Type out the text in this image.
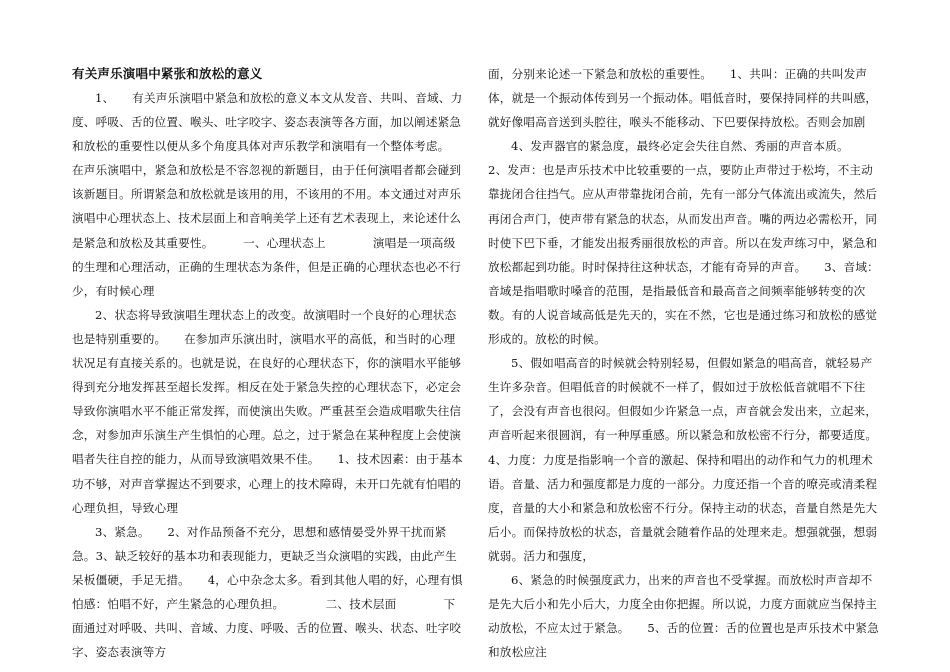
有关声乐演唱中紧张和放松的意义

1、　　有关声乐演唱中紧急和放松的意义本文从发音、共叫、音域、力度、呼吸、舌的位置、喉头、吐字咬字、姿态表演等各方面，加以阐述紧急和放松的重要性以便从多个角度具体对声乐教学和演唱有一个整体考虑。　　在声乐演唱中，紧急和放松是不容忽视的新题目，由于任何演唱者都会碰到该新题目。所谓紧急和放松就是该用的用，不该用的不用。本文通过对声乐演唱中心理状态上、技术层面上和音响美学上还有艺术表现上，来论述什么是紧急和放松及其重要性。　　　一、心理状态上　　　　演唱是一项高级的生理和心理活动，正确的生理状态为条件，但是正确的心理状态也必不行少，有时候心理

2、状态将导致演唱生理状态上的改变。故演唱时一个良好的心理状态也是特别重要的。　　在参加声乐演出时，演唱水平的高低，和当时的心理状况足有直接关系的。也就是说，在良好的心理状态下，你的演唱水平能够得到充分地发挥甚至超长发挥。相反在处于紧急失控的心理状态下，必定会导致你演唱水平不能正常发挥，而使演出失败。严重甚至会造成唱歌失往信念，对参加声乐演生产生惧怕的心理。总之，过于紧急在某种程度上会使演唱者失往自控的能力，从而导致演唱效果不佳。　　1、技术因素：由于基本功不够，对声音掌握达不到要求，心理上的技术障碍，未开口先就有怕唱的心理负担，导致心理

3、紧急。　　2、对作品预备不充分，思想和感情晏受外界干扰而紧急。3、缺乏较好的基本功和表现能力，更缺乏当众演唱的实践，由此产生呆板僵硬，手足无措。　　4，心中杂念太多。看到其他人唱的好，心理有惧怕感：怕唱不好，产生紧急的心理负担。　　　　二、技术层面　　　　下面通过对呼吸、共叫、音域、力度、呼吸、舌的位置、喉头、状态、吐字咬字、姿态表演等方

面，分别来论述一下紧急和放松的重要性。　　1、共叫：正确的共叫发声体，就是一个振动体传到另一个振动体。唱低音时，要保持同样的共叫感，就好像唱高音送到头腔往，喉头不能移动、下巴要保持放松。否则会加剧

4、发声器官的紧急度，最终必定会失往自然、秀丽的声音本质。　　2、发声：也是声乐技术中比较重要的一点，要防止声带过于松垮，不主动靠拢闭合往挡气。应从声带靠拢闭合前，先有一部分气体流出或流失，然后再闭合声门，使声带有紧急的状态，从而发出声音。嘴的两边必需松开，同时使下巴下垂，才能发出报秀丽很放松的声音。所以在发声练习中，紧急和放松都起到功能。时时保持往这种状态，才能有奇异的声音。　　3、音域：音域是指唱歌时嗓音的范围，是指最低音和最高音之间频率能够转变的次数。有的人说音域高低是先天的，实在不然，它也是通过练习和放松的感觉形成的。放松的时候。

5、假如唱高音的时候就会特别轻易，但假如紧急的唱高音，就轻易产生许多杂音。但唱低音的时候就不一样了，假如过于放松低音就唱不下往了，会没有声音也很闷。但假如少许紧急一点，声音就会发出来，立起来，声音听起来很圆润，有一种厚重感。所以紧急和放松密不行分，都要适度。　　4、力度：力度是指影响一个音的激起、保持和唱出的动作和气力的机理术语。音量、活力和强度都是力度的一部分。力度还指一个音的嘹亮或清柔程度，音量的大小和紧急和放松密不行分。保持主动的状态，音量自然是先大后小。而保持放松的状态，音量就会随着作品的处理来走。想强就强，想弱就弱。活力和强度，

6、紧急的时候强度武力，出来的声音也不受掌握。而放松时声音却不是先大后小和先小后大，力度全由你把握。所以说，力度方面就应当保持主动放松，不应太过于紧急。　　5、舌的位置：舌的位置也是声乐技术中紧急和放松应注
